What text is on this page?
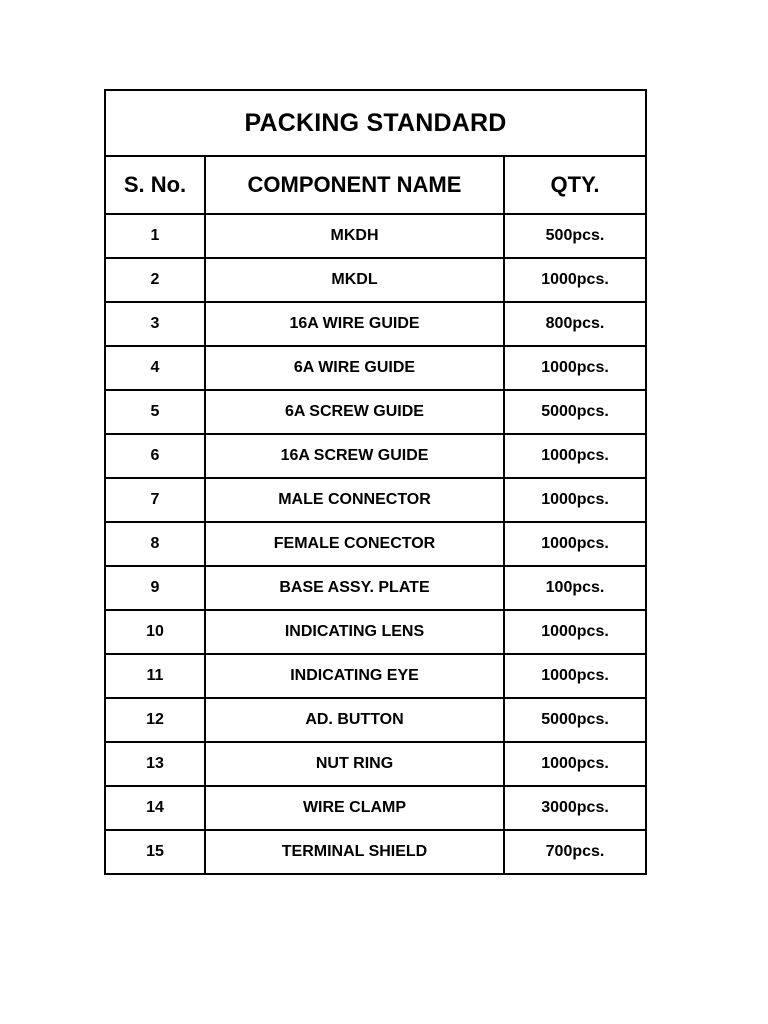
PACKING STANDARD		
S. No.	COMPONENT NAME	QTY.
1	MKDH	500pcs.
2	MKDL	1000pcs.
3	16A WIRE GUIDE	800pcs.
4	6A WIRE GUIDE	1000pcs.
5	6A SCREW GUIDE	5000pcs.
6	16A SCREW GUIDE	1000pcs.
7	MALE CONNECTOR	1000pcs.
8	FEMALE CONECTOR	1000pcs.
9	BASE ASSY. PLATE	100pcs.
10	INDICATING LENS	1000pcs.
11	INDICATING EYE	1000pcs.
12	AD. BUTTON	5000pcs.
13	NUT RING	1000pcs.
14	WIRE CLAMP	3000pcs.
15	TERMINAL SHIELD	700pcs.
